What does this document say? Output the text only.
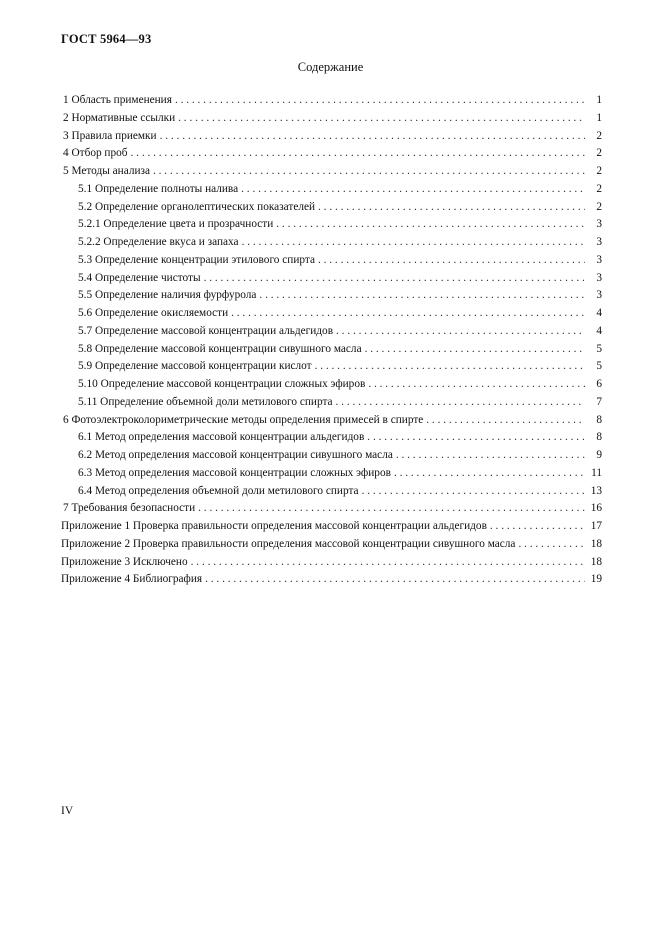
ГОСТ 5964—93
Содержание
1 Область применения . . .	1
2 Нормативные ссылки . . .	1
3 Правила приемки . . .	2
4 Отбор проб . . .	2
5 Методы анализа . . .	2
5.1 Определение полноты налива . . .	2
5.2 Определение органолептических показателей . . .	2
5.2.1 Определение цвета и прозрачности . . .	3
5.2.2 Определение вкуса и запаха . . .	3
5.3 Определение концентрации этилового спирта . . .	3
5.4 Определение чистоты . . .	3
5.5 Определение наличия фурфурола . . .	3
5.6 Определение окисляемости . . .	4
5.7 Определение массовой концентрации альдегидов . . .	4
5.8 Определение массовой концентрации сивушного масла . . .	5
5.9 Определение массовой концентрации кислот . . .	5
5.10 Определение массовой концентрации сложных эфиров . . .	6
5.11 Определение объемной доли метилового спирта . . .	7
6 Фотоэлектроколориметрические методы определения примесей в спирте . . .	8
6.1 Метод определения массовой концентрации альдегидов . . .	8
6.2 Метод определения массовой концентрации сивушного масла . . .	9
6.3 Метод определения массовой концентрации сложных эфиров . . .	11
6.4 Метод определения объемной доли метилового спирта . . .	13
7 Требования безопасности . . .	16
Приложение 1 Проверка правильности определения массовой концентрации альдегидов . . .	17
Приложение 2 Проверка правильности определения массовой концентрации сивушного масла . . .	18
Приложение 3 Исключено . . .	18
Приложение 4 Библиография . . .	19
IV
